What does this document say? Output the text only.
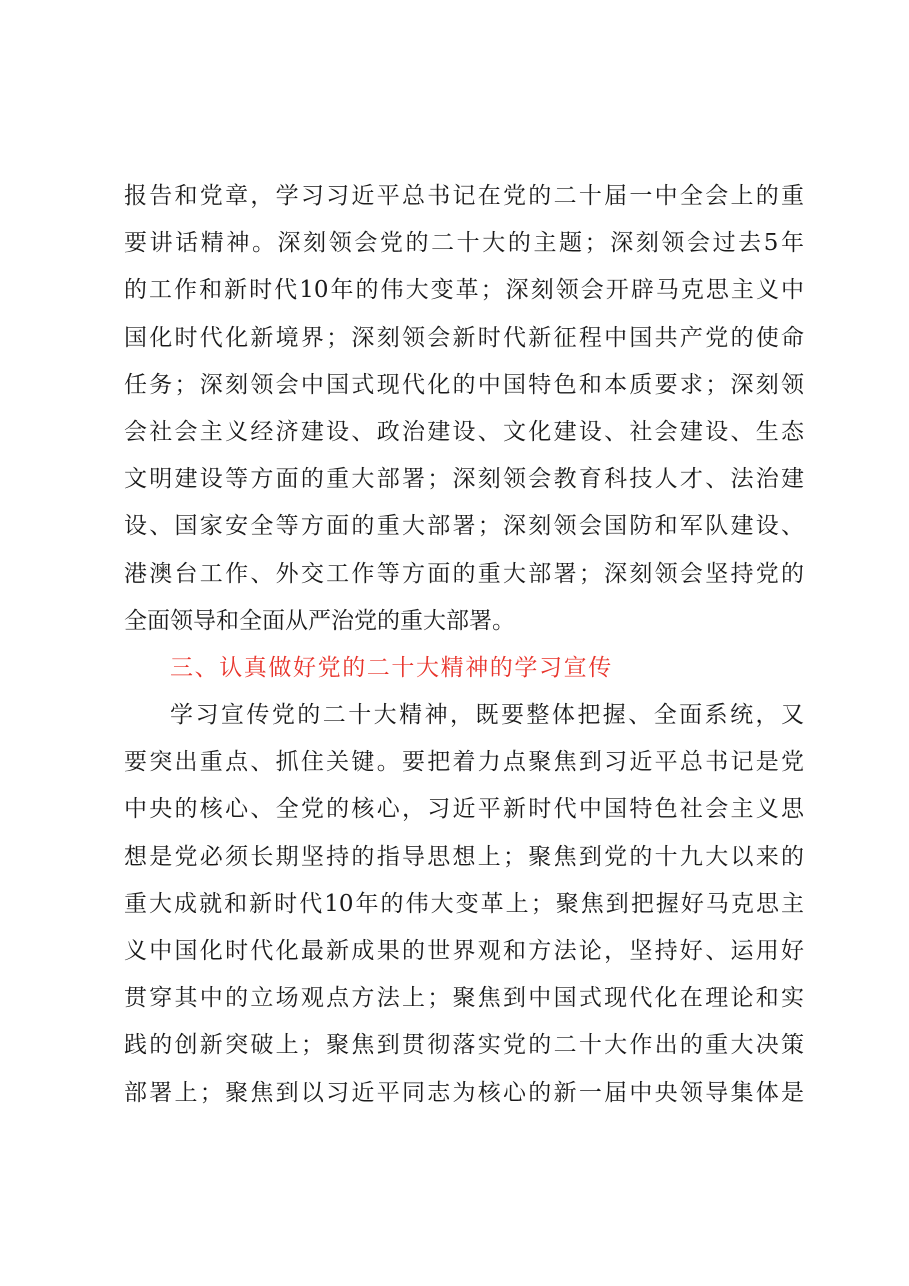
报告和党章，学习习近平总书记在党的二十届一中全会上的重
要讲话精神。深刻领会党的二十大的主题；深刻领会过去5年
的工作和新时代10年的伟大变革；深刻领会开辟马克思主义中
国化时代化新境界；深刻领会新时代新征程中国共产党的使命
任务；深刻领会中国式现代化的中国特色和本质要求；深刻领
会社会主义经济建设、政治建设、文化建设、社会建设、生态
文明建设等方面的重大部署；深刻领会教育科技人才、法治建
设、国家安全等方面的重大部署；深刻领会国防和军队建设、
港澳台工作、外交工作等方面的重大部署；深刻领会坚持党的
全面领导和全面从严治党的重大部署。
三、认真做好党的二十大精神的学习宣传
学习宣传党的二十大精神，既要整体把握、全面系统，又
要突出重点、抓住关键。要把着力点聚焦到习近平总书记是党
中央的核心、全党的核心，习近平新时代中国特色社会主义思
想是党必须长期坚持的指导思想上；聚焦到党的十九大以来的
重大成就和新时代10年的伟大变革上；聚焦到把握好马克思主
义中国化时代化最新成果的世界观和方法论，坚持好、运用好
贯穿其中的立场观点方法上；聚焦到中国式现代化在理论和实
践的创新突破上；聚焦到贯彻落实党的二十大作出的重大决策
部署上；聚焦到以习近平同志为核心的新一届中央领导集体是
